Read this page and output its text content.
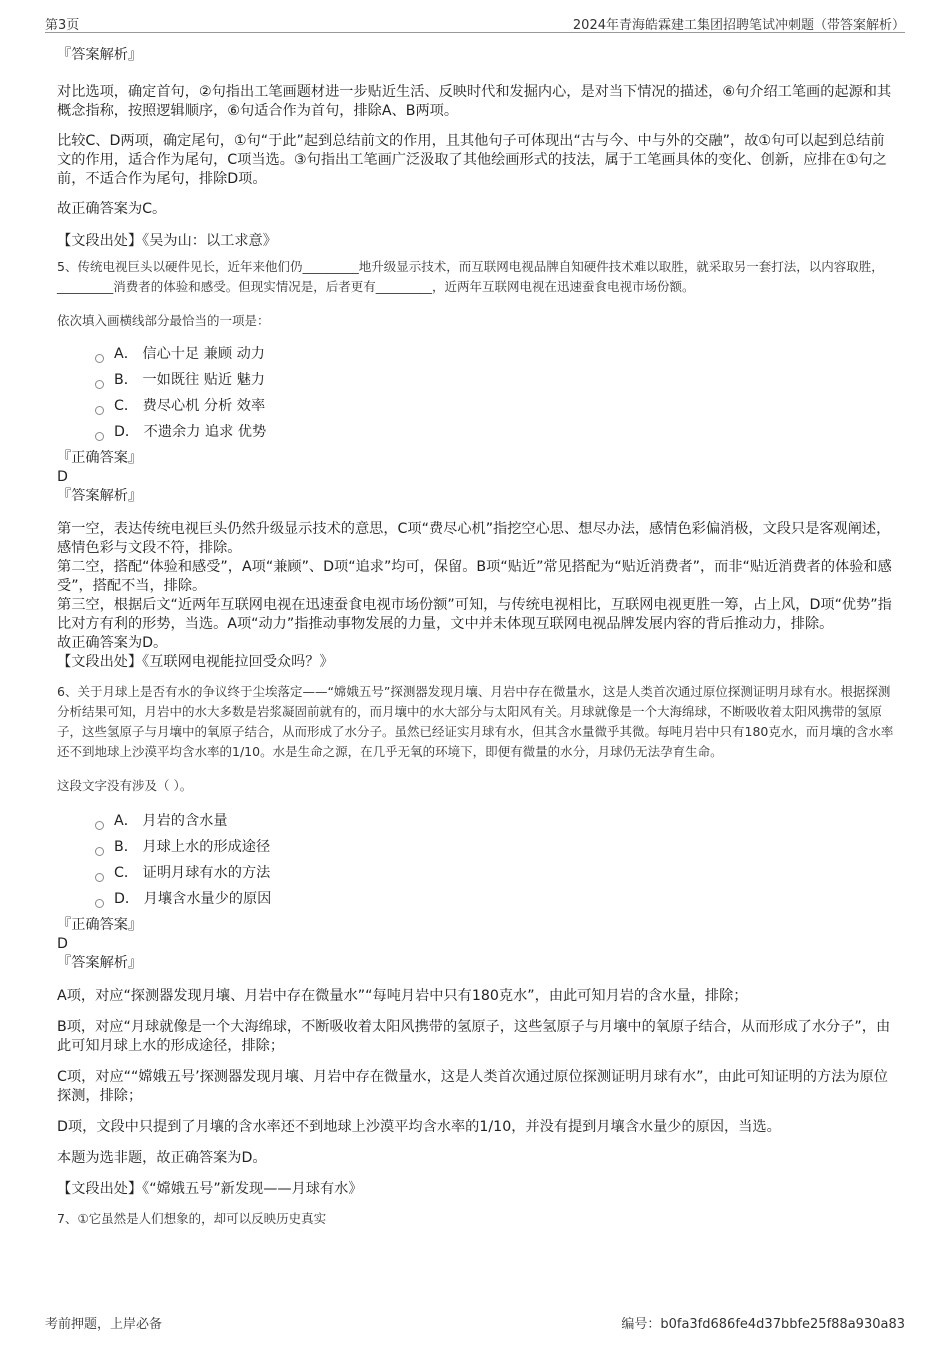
第3页	2024年青海皓霖建工集团招聘笔试冲刺题（带答案解析）

『答案解析』

对比选项，确定首句，②句指出工笔画题材进一步贴近生活、反映时代和发掘内心，是对当下情况的描述，⑥句介绍工笔画的起源和其概念指称，按照逻辑顺序，⑥句适合作为首句，排除A、B两项。

比较C、D两项，确定尾句，①句“于此”起到总结前文的作用，且其他句子可体现出“古与今、中与外的交融”，故①句可以起到总结前文的作用，适合作为尾句，C项当选。③句指出工笔画广泛汲取了其他绘画形式的技法，属于工笔画具体的变化、创新，应排在①句之前，不适合作为尾句，排除D项。

故正确答案为C。

【文段出处】《吴为山：以工求意》

5、传统电视巨头以硬件见长，近年来他们仍_________地升级显示技术，而互联网电视品牌自知硬件技术难以取胜，就采取另一套打法，以内容取胜，_________消费者的体验和感受。但现实情况是，后者更有_________，近两年互联网电视在迅速蚕食电视市场份额。

依次填入画横线部分最恰当的一项是：

A．
信心十足 兼顾 动力
B．
一如既往 贴近 魅力
C．
费尽心机 分析 效率
D．
不遗余力 追求 优势

『正确答案』

D

『答案解析』

第一空，表达传统电视巨头仍然升级显示技术的意思，C项“费尽心机”指挖空心思、想尽办法，感情色彩偏消极，文段只是客观阐述，感情色彩与文段不符，排除。

第二空，搭配“体验和感受”，A项“兼顾”、D项“追求”均可，保留。B项“贴近”常见搭配为“贴近消费者”，而非“贴近消费者的体验和感受”，搭配不当，排除。

第三空，根据后文“近两年互联网电视在迅速蚕食电视市场份额”可知，与传统电视相比，互联网电视更胜一筹，占上风，D项“优势”指比对方有利的形势，当选。A项“动力”指推动事物发展的力量，文中并未体现互联网电视品牌发展内容的背后推动力，排除。

故正确答案为D。

【文段出处】《互联网电视能拉回受众吗？》

6、关于月球上是否有水的争议终于尘埃落定——“嫦娥五号”探测器发现月壤、月岩中存在微量水，这是人类首次通过原位探测证明月球有水。根据探测分析结果可知，月岩中的水大多数是岩浆凝固前就有的，而月壤中的水大部分与太阳风有关。月球就像是一个大海绵球，不断吸收着太阳风携带的氢原子，这些氢原子与月壤中的氧原子结合，从而形成了水分子。虽然已经证实月球有水，但其含水量微乎其微。每吨月岩中只有180克水，而月壤的含水率还不到地球上沙漠平均含水率的1/10。水是生命之源，在几乎无氧的环境下，即便有微量的水分，月球仍无法孕育生命。

这段文字没有涉及（ ）。

A．
月岩的含水量
B．
月球上水的形成途径
C．
证明月球有水的方法
D．
月壤含水量少的原因

『正确答案』

D

『答案解析』

A项，对应“探测器发现月壤、月岩中存在微量水”“每吨月岩中只有180克水”，由此可知月岩的含水量，排除；

B项，对应“月球就像是一个大海绵球，不断吸收着太阳风携带的氢原子，这些氢原子与月壤中的氧原子结合，从而形成了水分子”，由此可知月球上水的形成途径，排除；

C项，对应““嫦娥五号’探测器发现月壤、月岩中存在微量水，这是人类首次通过原位探测证明月球有水”，由此可知证明的方法为原位探测，排除；

D项，文段中只提到了月壤的含水率还不到地球上沙漠平均含水率的1/10，并没有提到月壤含水量少的原因，当选。

本题为选非题，故正确答案为D。

【文段出处】《“嫦娥五号”新发现——月球有水》

7、①它虽然是人们想象的，却可以反映历史真实

考前押题，上岸必备	编号：b0fa3fd686fe4d37bbfe25f88a930a83
